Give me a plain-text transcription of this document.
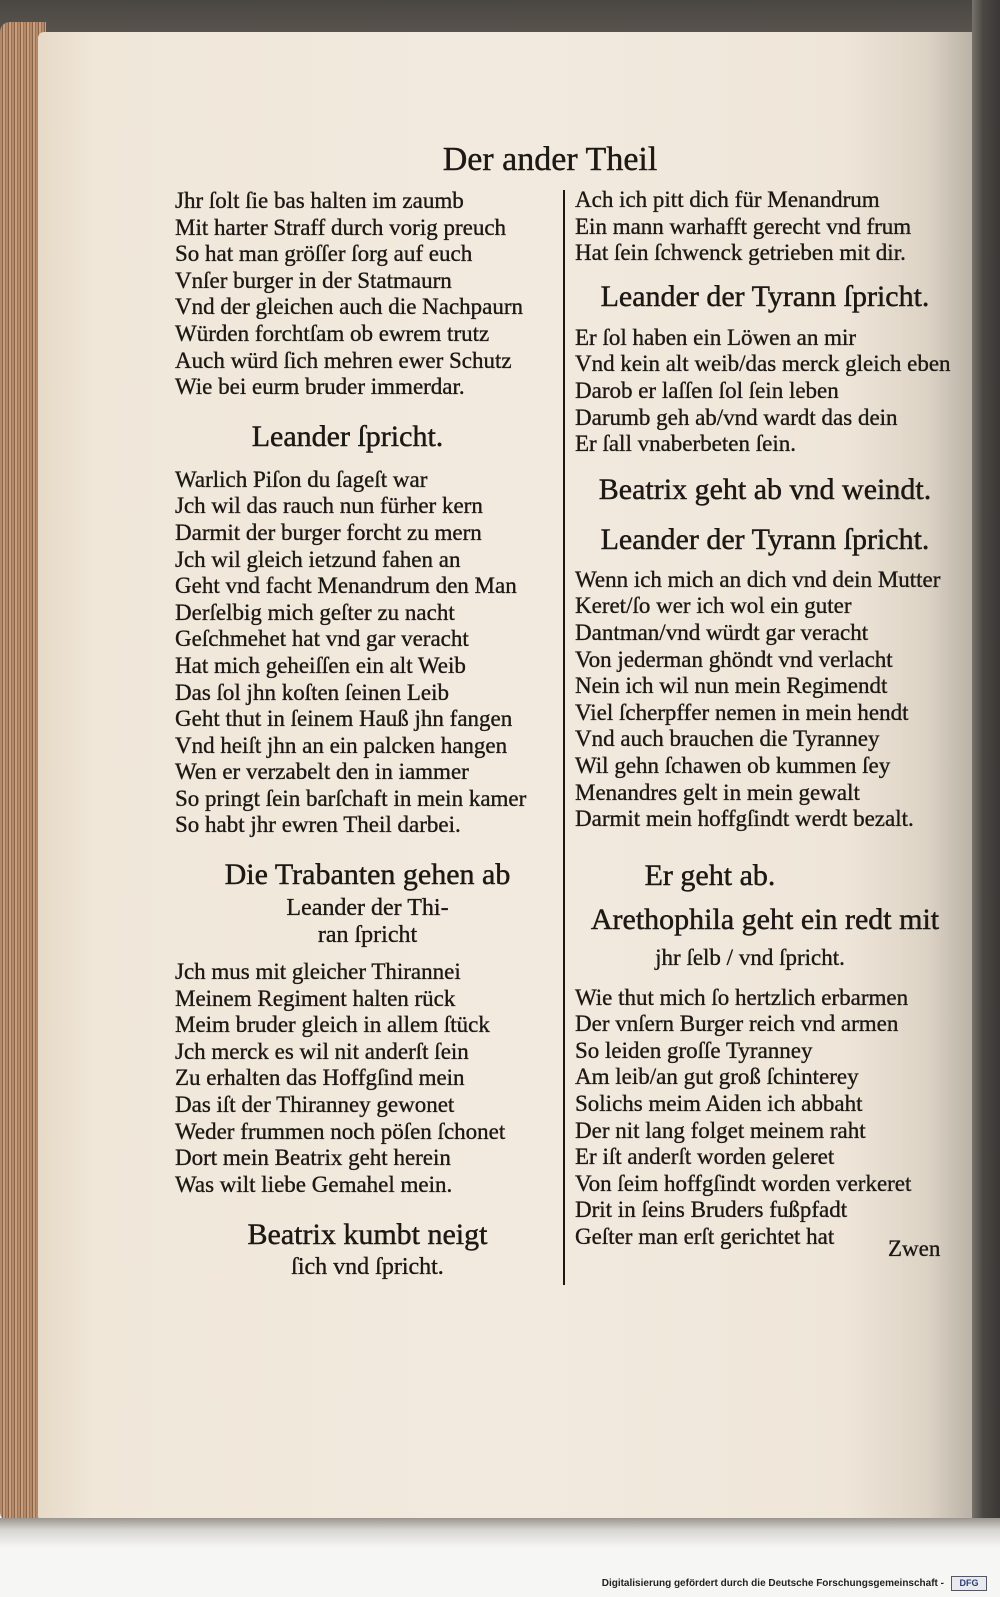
Der ander Theil
Jhr ſolt ſie bas halten im zaumb
Mit harter Straff durch vorig preuch
So hat man gröſſer ſorg auf euch
Vnſer burger in der Statmaurn
Vnd der gleichen auch die Nachpaurn
Würden forchtſam ob ewrem trutz
Auch würd ſich mehren ewer Schutz
Wie bei eurm bruder immerdar.
Leander ſpricht.
Warlich Piſon du ſageſt war
Jch wil das rauch nun fürher kern
Darmit der burger forcht zu mern
Jch wil gleich ietzund fahen an
Geht vnd facht Menandrum den Man
Derſelbig mich geſter zu nacht
Geſchmehet hat vnd gar veracht
Hat mich geheiſſen ein alt Weib
Das ſol jhn koſten ſeinen Leib
Geht thut in ſeinem Hauß jhn fangen
Vnd heiſt jhn an ein palcken hangen
Wen er verzabelt den in iammer
So pringt ſein barſchaft in mein kamer
So habt jhr ewren Theil darbei.
Die Trabanten gehen ab
Leander der Thi-
ran ſpricht
Jch mus mit gleicher Thirannei
Meinem Regiment halten rück
Meim bruder gleich in allem ſtück
Jch merck es wil nit anderſt ſein
Zu erhalten das Hoffgſind mein
Das iſt der Thiranney gewonet
Weder frummen noch pöſen ſchonet
Dort mein Beatrix geht herein
Was wilt liebe Gemahel mein.
Beatrix kumbt neigt
ſich vnd ſpricht.
Ach ich pitt dich für Menandrum
Ein mann warhafft gerecht vnd frum
Hat ſein ſchwenck getrieben mit dir.
Leander der Tyrann ſpricht.
Er ſol haben ein Löwen an mir
Vnd kein alt weib/das merck gleich eben
Darob er laſſen ſol ſein leben
Darumb geh ab/vnd wardt das dein
Er ſall vnaberbeten ſein.
Beatrix geht ab vnd weindt.
Leander der Tyrann ſpricht.
Wenn ich mich an dich vnd dein Mutter
Keret/ſo wer ich wol ein guter
Dantman/vnd würdt gar veracht
Von jederman ghöndt vnd verlacht
Nein ich wil nun mein Regimendt
Viel ſcherpffer nemen in mein hendt
Vnd auch brauchen die Tyranney
Wil gehn ſchawen ob kummen ſey
Menandres gelt in mein gewalt
Darmit mein hoffgſindt werdt bezalt.
Er geht ab.
Arethophila geht ein redt mit
jhr ſelb / vnd ſpricht.
Wie thut mich ſo hertzlich erbarmen
Der vnſern Burger reich vnd armen
So leiden groſſe Tyranney
Am leib/an gut groß ſchinterey
Solichs meim Aiden ich abbaht
Der nit lang folget meinem raht
Er iſt anderſt worden geleret
Von ſeim hoffgſindt worden verkeret
Drit in ſeins Bruders fußpfadt
Geſter man erſt gerichtet hat	Zwen
Digitalisierung gefördert durch die Deutsche Forschungsgemeinschaft -	DFG
